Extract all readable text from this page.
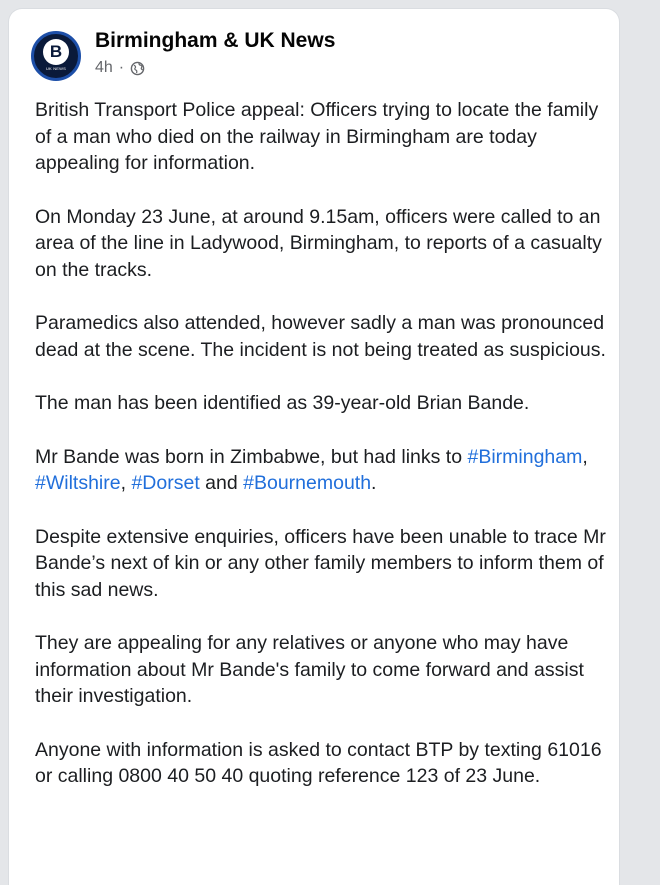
B
UK NEWS
Birmingham & UK News
4h ·

British Transport Police appeal: Officers trying to locate the family of a man who died on the railway in Birmingham are today appealing for information.

On Monday 23 June, at around 9.15am, officers were called to an area of the line in Ladywood, Birmingham, to reports of a casualty on the tracks.

Paramedics also attended, however sadly a man was pronounced dead at the scene. The incident is not being treated as suspicious.

The man has been identified as 39-year-old Brian Bande.

Mr Bande was born in Zimbabwe, but had links to #Birmingham, #Wiltshire, #Dorset and #Bournemouth.

Despite extensive enquiries, officers have been unable to trace Mr Bande’s next of kin or any other family members to inform them of this sad news.

They are appealing for any relatives or anyone who may have information about Mr Bande's family to come forward and assist their investigation.

Anyone with information is asked to contact BTP by texting 61016 or calling 0800 40 50 40 quoting reference 123 of 23 June.
